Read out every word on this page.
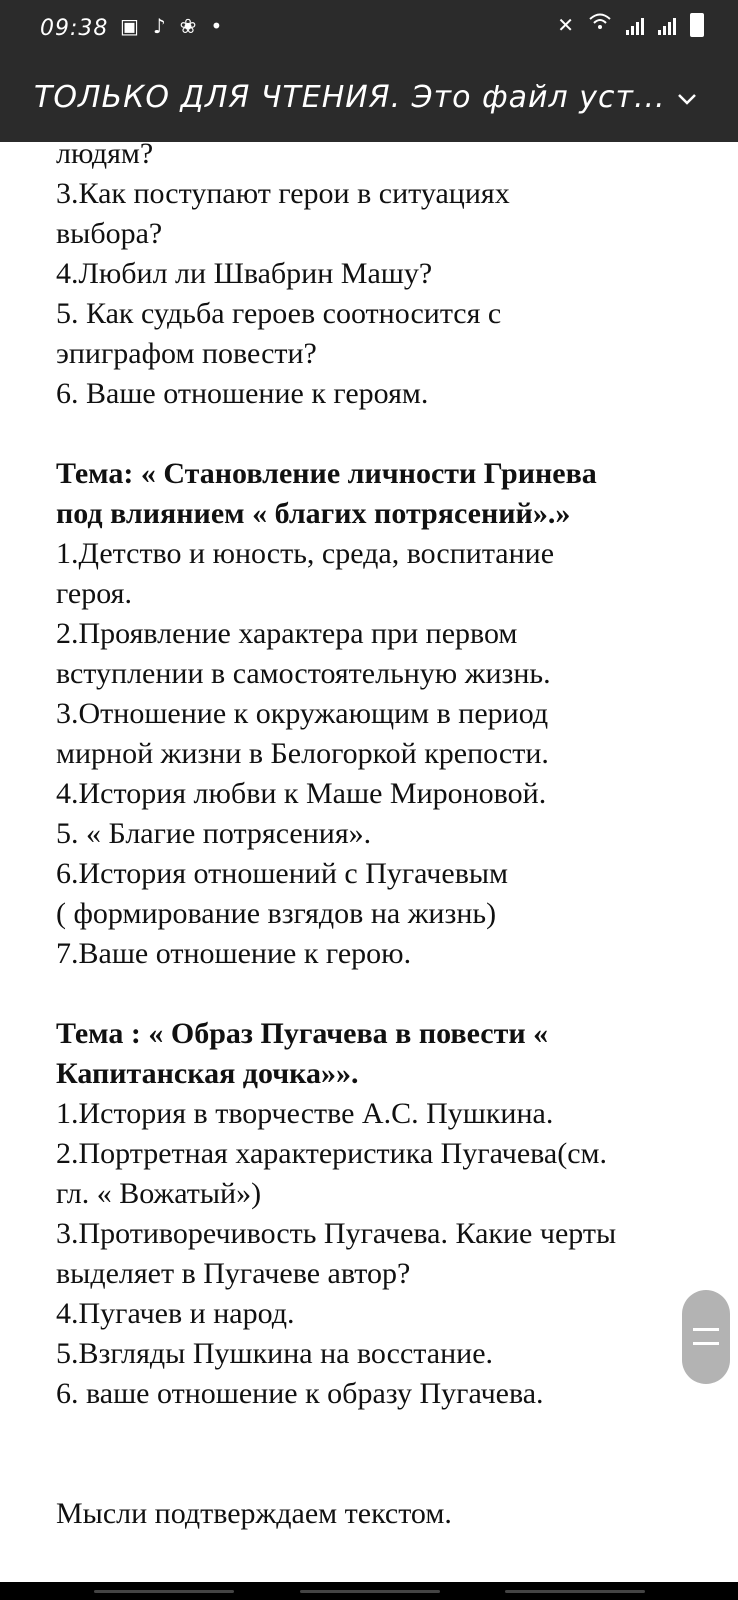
09:38 ▣ ♪ ❀ •	✕
ТОЛЬКО ДЛЯ ЧТЕНИЯ. Это файл уст...

людям?

3.Как поступают герои в ситуациях

выбора?

4.Любил ли Швабрин Машу?

5. Как судьба героев соотносится с

эпиграфом повести?

6. Ваше отношение к героям.

Тема: « Становление личности Гринева

под влиянием « благих потрясений».»

1.Детство и юность, среда, воспитание

героя.

2.Проявление характера при первом

вступлении в самостоятельную жизнь.

3.Отношение к окружающим в период

мирной жизни в Белогоркой крепости.

4.История любви к Маше Мироновой.

5. « Благие потрясения».

6.История отношений с Пугачевым

( формирование взгядов на жизнь)

7.Ваше отношение к герою.

Тема : « Образ Пугачева в повести «

Капитанская дочка»».

1.История в творчестве А.С. Пушкина.

2.Портретная характеристика Пугачева(см.

гл. « Вожатый»)

3.Противоречивость Пугачева. Какие черты

выделяет в Пугачеве автор?

4.Пугачев и народ.

5.Взгляды Пушкина на восстание.

6. ваше отношение к образу Пугачева.

Мысли подтверждаем текстом.
